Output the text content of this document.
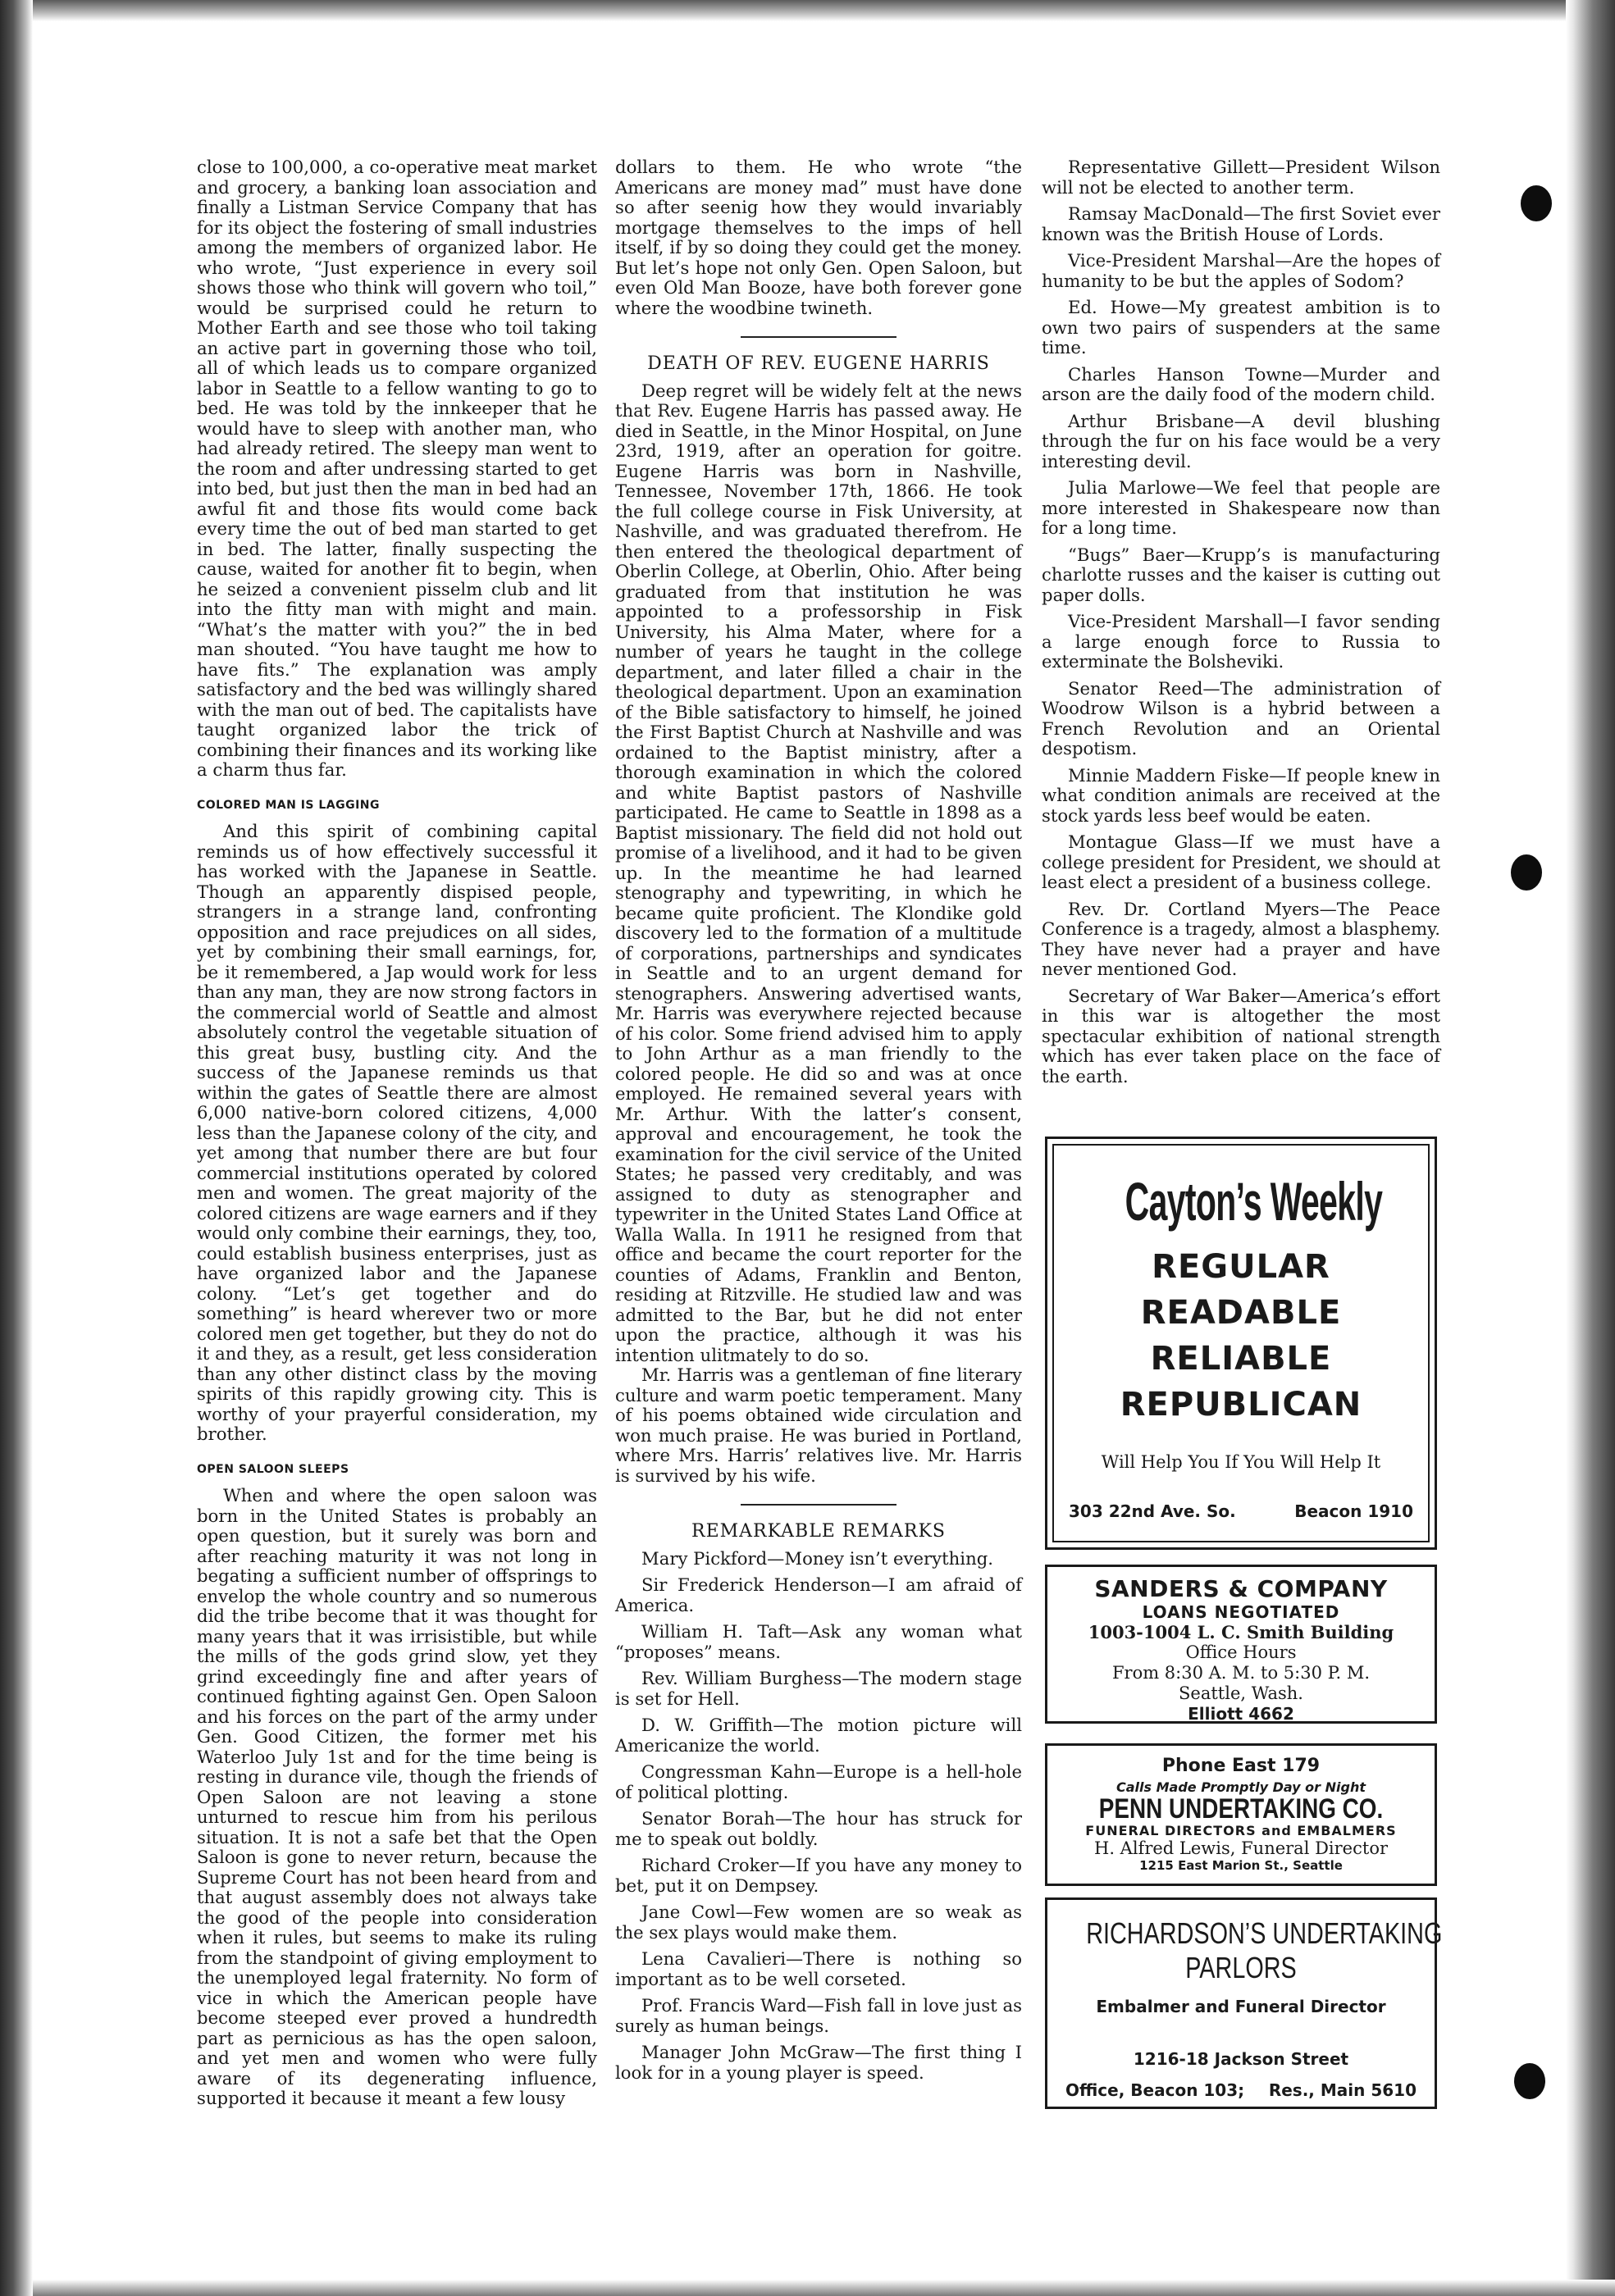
close to 100,000, a co-operative meat market and grocery, a banking loan association and finally a Listman Service Company that has for its object the fostering of small industries among the members of organized labor. He who wrote, “Just experience in every soil shows those who think will govern who toil,” would be surprised could he return to Mother Earth and see those who toil taking an active part in governing those who toil, all of which leads us to compare organized labor in Seattle to a fellow wanting to go to bed. He was told by the innkeeper that he would have to sleep with another man, who had already retired. The sleepy man went to the room and after undressing started to get into bed, but just then the man in bed had an awful fit and those fits would come back every time the out of bed man started to get in bed. The latter, finally suspecting the cause, waited for another fit to begin, when he seized a convenient pisselm club and lit into the fitty man with might and main. “What’s the matter with you?” the in bed man shouted. “You have taught me how to have fits.” The explanation was amply satisfactory and the bed was willingly shared with the man out of bed. The capitalists have taught organized labor the trick of combining their finances and its working like a charm thus far.

COLORED MAN IS LAGGING

And this spirit of combining capital reminds us of how effectively successful it has worked with the Japanese in Seattle. Though an apparently dispised people, strangers in a strange land, confronting opposition and race prejudices on all sides, yet by combining their small earnings, for, be it remembered, a Jap would work for less than any man, they are now strong factors in the commercial world of Seattle and almost absolutely control the vegetable situation of this great busy, bustling city. And the success of the Japanese reminds us that within the gates of Seattle there are almost 6,000 native-born colored citizens, 4,000 less than the Japanese colony of the city, and yet among that number there are but four commercial institutions operated by colored men and women. The great majority of the colored citizens are wage earners and if they would only combine their earnings, they, too, could establish business enterprises, just as have organized labor and the Japanese colony. “Let’s get together and do something” is heard wherever two or more colored men get together, but they do not do it and they, as a result, get less consideration than any other distinct class by the moving spirits of this rapidly growing city. This is worthy of your prayerful consideration, my brother.

OPEN SALOON SLEEPS

When and where the open saloon was born in the United States is probably an open question, but it surely was born and after reaching maturity it was not long in begating a sufficient number of offsprings to envelop the whole country and so numerous did the tribe become that it was thought for many years that it was irrisistible, but while the mills of the gods grind slow, yet they grind exceedingly fine and after years of continued fighting against Gen. Open Saloon and his forces on the part of the army under Gen. Good Citizen, the former met his Waterloo July 1st and for the time being is resting in durance vile, though the friends of Open Saloon are not leaving a stone unturned to rescue him from his perilous situation. It is not a safe bet that the Open Saloon is gone to never return, because the Supreme Court has not been heard from and that august assembly does not always take the good of the people into consideration when it rules, but seems to make its ruling from the standpoint of giving employment to the unemployed legal fraternity. No form of vice in which the American people have become steeped ever proved a hundredth part as pernicious as has the open saloon, and yet men and women who were fully aware of its degenerating influence, supported it because it meant a few lousy

dollars to them. He who wrote “the Americans are money mad” must have done so after seenig how they would invariably mortgage themselves to the imps of hell itself, if by so doing they could get the money. But let’s hope not only Gen. Open Saloon, but even Old Man Booze, have both forever gone where the woodbine twineth.

DEATH OF REV. EUGENE HARRIS

Deep regret will be widely felt at the news that Rev. Eugene Harris has passed away. He died in Seattle, in the Minor Hospital, on June 23rd, 1919, after an operation for goitre. Eugene Harris was born in Nashville, Tennessee, November 17th, 1866. He took the full college course in Fisk University, at Nashville, and was graduated therefrom. He then entered the theological department of Oberlin College, at Oberlin, Ohio. After being graduated from that institution he was appointed to a professorship in Fisk University, his Alma Mater, where for a number of years he taught in the college department, and later filled a chair in the theological department. Upon an examination of the Bible satisfactory to himself, he joined the First Baptist Church at Nashville and was ordained to the Baptist ministry, after a thorough examination in which the colored and white Baptist pastors of Nashville participated. He came to Seattle in 1898 as a Baptist missionary. The field did not hold out promise of a livelihood, and it had to be given up. In the meantime he had learned stenography and typewriting, in which he became quite proficient. The Klondike gold discovery led to the formation of a multitude of corporations, partnerships and syndicates in Seattle and to an urgent demand for stenographers. Answering advertised wants, Mr. Harris was everywhere rejected because of his color. Some friend advised him to apply to John Arthur as a man friendly to the colored people. He did so and was at once employed. He remained several years with Mr. Arthur. With the latter’s consent, approval and encouragement, he took the examination for the civil service of the United States; he passed very creditably, and was assigned to duty as stenographer and typewriter in the United States Land Office at Walla Walla. In 1911 he resigned from that office and became the court reporter for the counties of Adams, Franklin and Benton, residing at Ritzville. He studied law and was admitted to the Bar, but he did not enter upon the practice, although it was his intention ulitmately to do so.

Mr. Harris was a gentleman of fine literary culture and warm poetic temperament. Many of his poems obtained wide circulation and won much praise. He was buried in Portland, where Mrs. Harris’ relatives live. Mr. Harris is survived by his wife.

REMARKABLE REMARKS

Mary Pickford—Money isn’t everything.

Sir Frederick Henderson—I am afraid of America.

William H. Taft—Ask any woman what “proposes” means.

Rev. William Burghess—The modern stage is set for Hell.

D. W. Griffith—The motion picture will Americanize the world.

Congressman Kahn—Europe is a hell-hole of political plotting.

Senator Borah—The hour has struck for me to speak out boldly.

Richard Croker—If you have any money to bet, put it on Dempsey.

Jane Cowl—Few women are so weak as the sex plays would make them.

Lena Cavalieri—There is nothing so important as to be well corseted.

Prof. Francis Ward—Fish fall in love just as surely as human beings.

Manager John McGraw—The first thing I look for in a young player is speed.

Representative Gillett—President Wilson will not be elected to another term.

Ramsay MacDonald—The first Soviet ever known was the British House of Lords.

Vice-President Marshal—Are the hopes of humanity to be but the apples of Sodom?

Ed. Howe—My greatest ambition is to own two pairs of suspenders at the same time.

Charles Hanson Towne—Murder and arson are the daily food of the modern child.

Arthur Brisbane—A devil blushing through the fur on his face would be a very interesting devil.

Julia Marlowe—We feel that people are more interested in Shakespeare now than for a long time.

“Bugs” Baer—Krupp’s is manufacturing charlotte russes and the kaiser is cutting out paper dolls.

Vice-President Marshall—I favor sending a large enough force to Russia to exterminate the Bolsheviki.

Senator Reed—The administration of Woodrow Wilson is a hybrid between a French Revolution and an Oriental despotism.

Minnie Maddern Fiske—If people knew in what condition animals are received at the stock yards less beef would be eaten.

Montague Glass—If we must have a college president for President, we should at least elect a president of a business college.

Rev. Dr. Cortland Myers—The Peace Conference is a tragedy, almost a blasphemy. They have never had a prayer and have never mentioned God.

Secretary of War Baker—America’s effort in this war is altogether the most spectacular exhibition of national strength which has ever taken place on the face of the earth.

Cayton’s Weekly
REGULAR
READABLE
RELIABLE
REPUBLICAN
Will Help You If You Will Help It
303 22nd Ave. So.	Beacon 1910
SANDERS & COMPANY
LOANS NEGOTIATED
1003-1004 L. C. Smith Building
Office Hours
From 8:30 A. M. to 5:30 P. M.
Seattle, Wash.
Elliott 4662
Phone East 179
Calls Made Promptly Day or Night
PENN UNDERTAKING CO.
FUNERAL DIRECTORS and EMBALMERS
H. Alfred Lewis, Funeral Director
1215 East Marion St., Seattle
RICHARDSON’S UNDERTAKING
PARLORS
Embalmer and Funeral Director
1216-18 Jackson Street
Office, Beacon 103; Res., Main 5610
